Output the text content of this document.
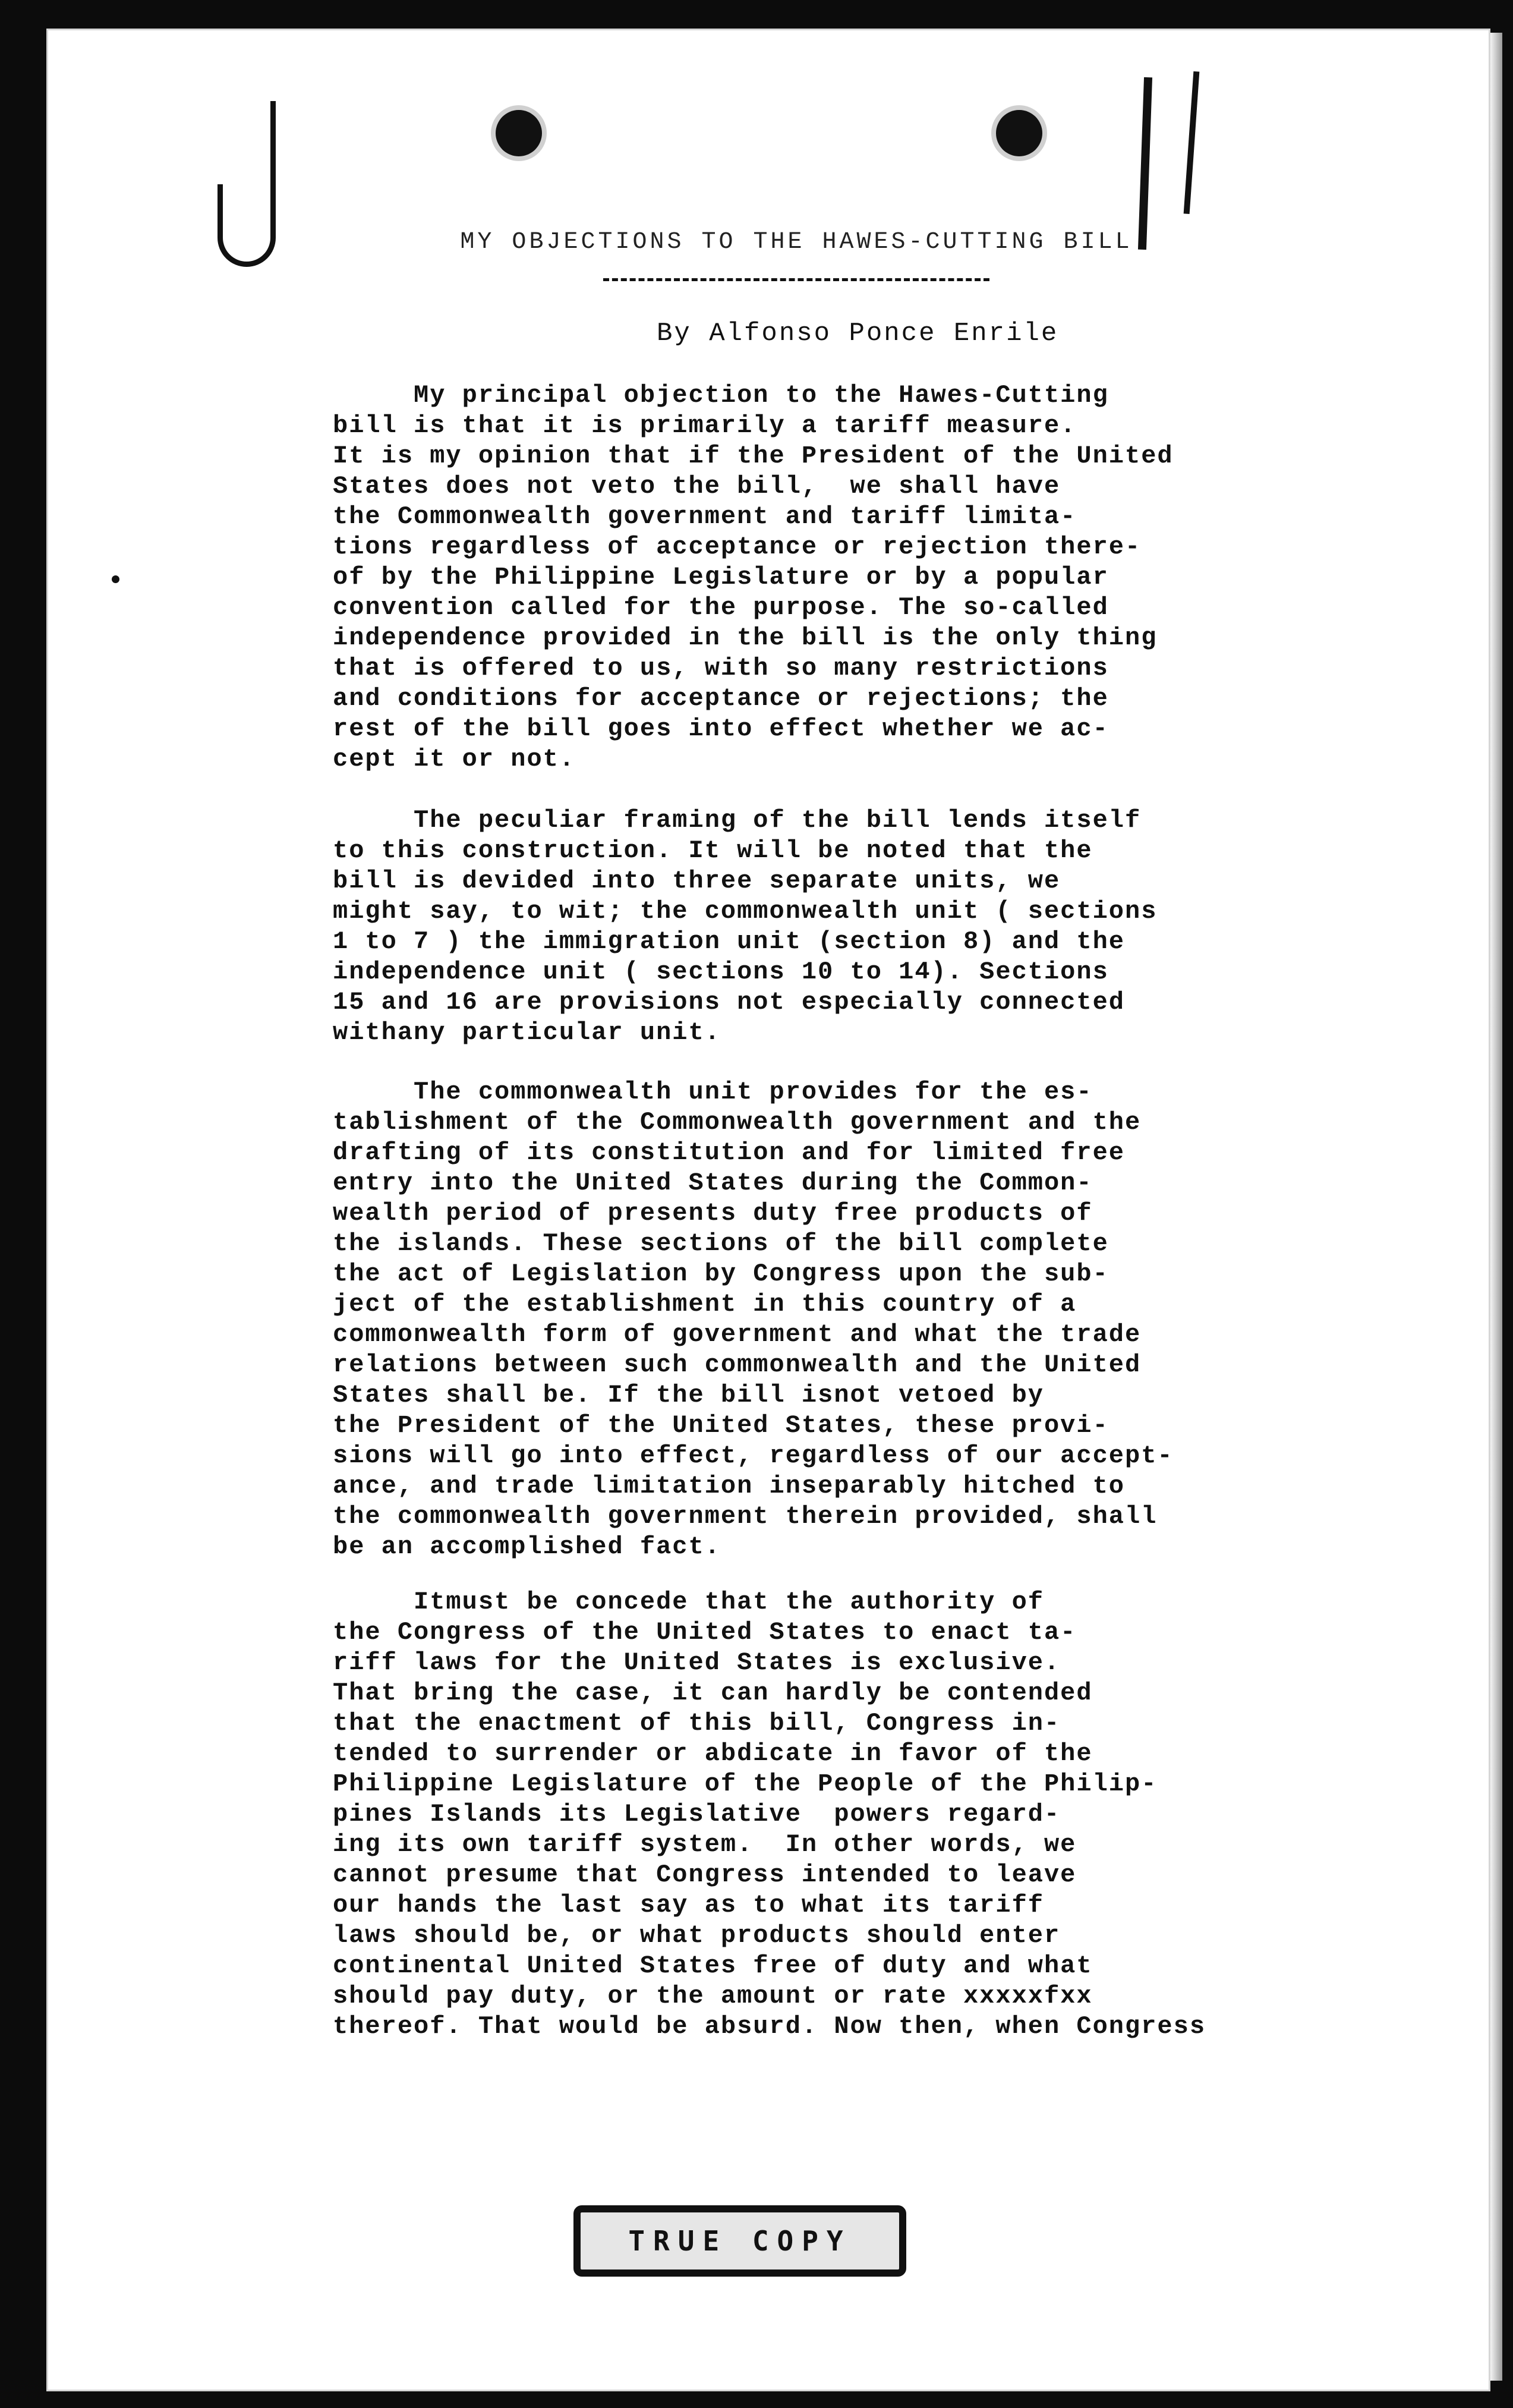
MY OBJECTIONS TO THE HAWES-CUTTING BILL
By Alfonso Ponce Enrile

My principal objection to the Hawes-Cutting
bill is that it is primarily a tariff measure.
It is my opinion that if the President of the United
States does not veto the bill,  we shall have
the Commonwealth government and tariff limita-
tions regardless of acceptance or rejection there-
of by the Philippine Legislature or by a popular
convention called for the purpose. The so-called
independence provided in the bill is the only thing
that is offered to us, with so many restrictions
and conditions for acceptance or rejections; the
rest of the bill goes into effect whether we ac-
cept it or not.

The peculiar framing of the bill lends itself
to this construction. It will be noted that the
bill is devided into three separate units, we
might say, to wit; the commonwealth unit ( sections
1 to 7 ) the immigration unit (section 8) and the
independence unit ( sections 10 to 14). Sections
15 and 16 are provisions not especially connected
withany particular unit.

The commonwealth unit provides for the es-
tablishment of the Commonwealth government and the
drafting of its constitution and for limited free
entry into the United States during the Common-
wealth period of presents duty free products of
the islands. These sections of the bill complete
the act of Legislation by Congress upon the sub-
ject of the establishment in this country of a
commonwealth form of government and what the trade
relations between such commonwealth and the United
States shall be. If the bill isnot vetoed by
the President of the United States, these provi-
sions will go into effect, regardless of our accept-
ance, and trade limitation inseparably hitched to
the commonwealth government therein provided, shall
be an accomplished fact.

Itmust be concede that the authority of
the Congress of the United States to enact ta-
riff laws for the United States is exclusive.
That bring the case, it can hardly be contended
that the enactment of this bill, Congress in-
tended to surrender or abdicate in favor of the
Philippine Legislature of the People of the Philip-
pines Islands its Legislative  powers regard-
ing its own tariff system.  In other words, we
cannot presume that Congress intended to leave
our hands the last say as to what its tariff
laws should be, or what products should enter
continental United States free of duty and what
should pay duty, or the amount or rate xxxxxfxx
thereof. That would be absurd. Now then, when Congress

TRUE COPY
